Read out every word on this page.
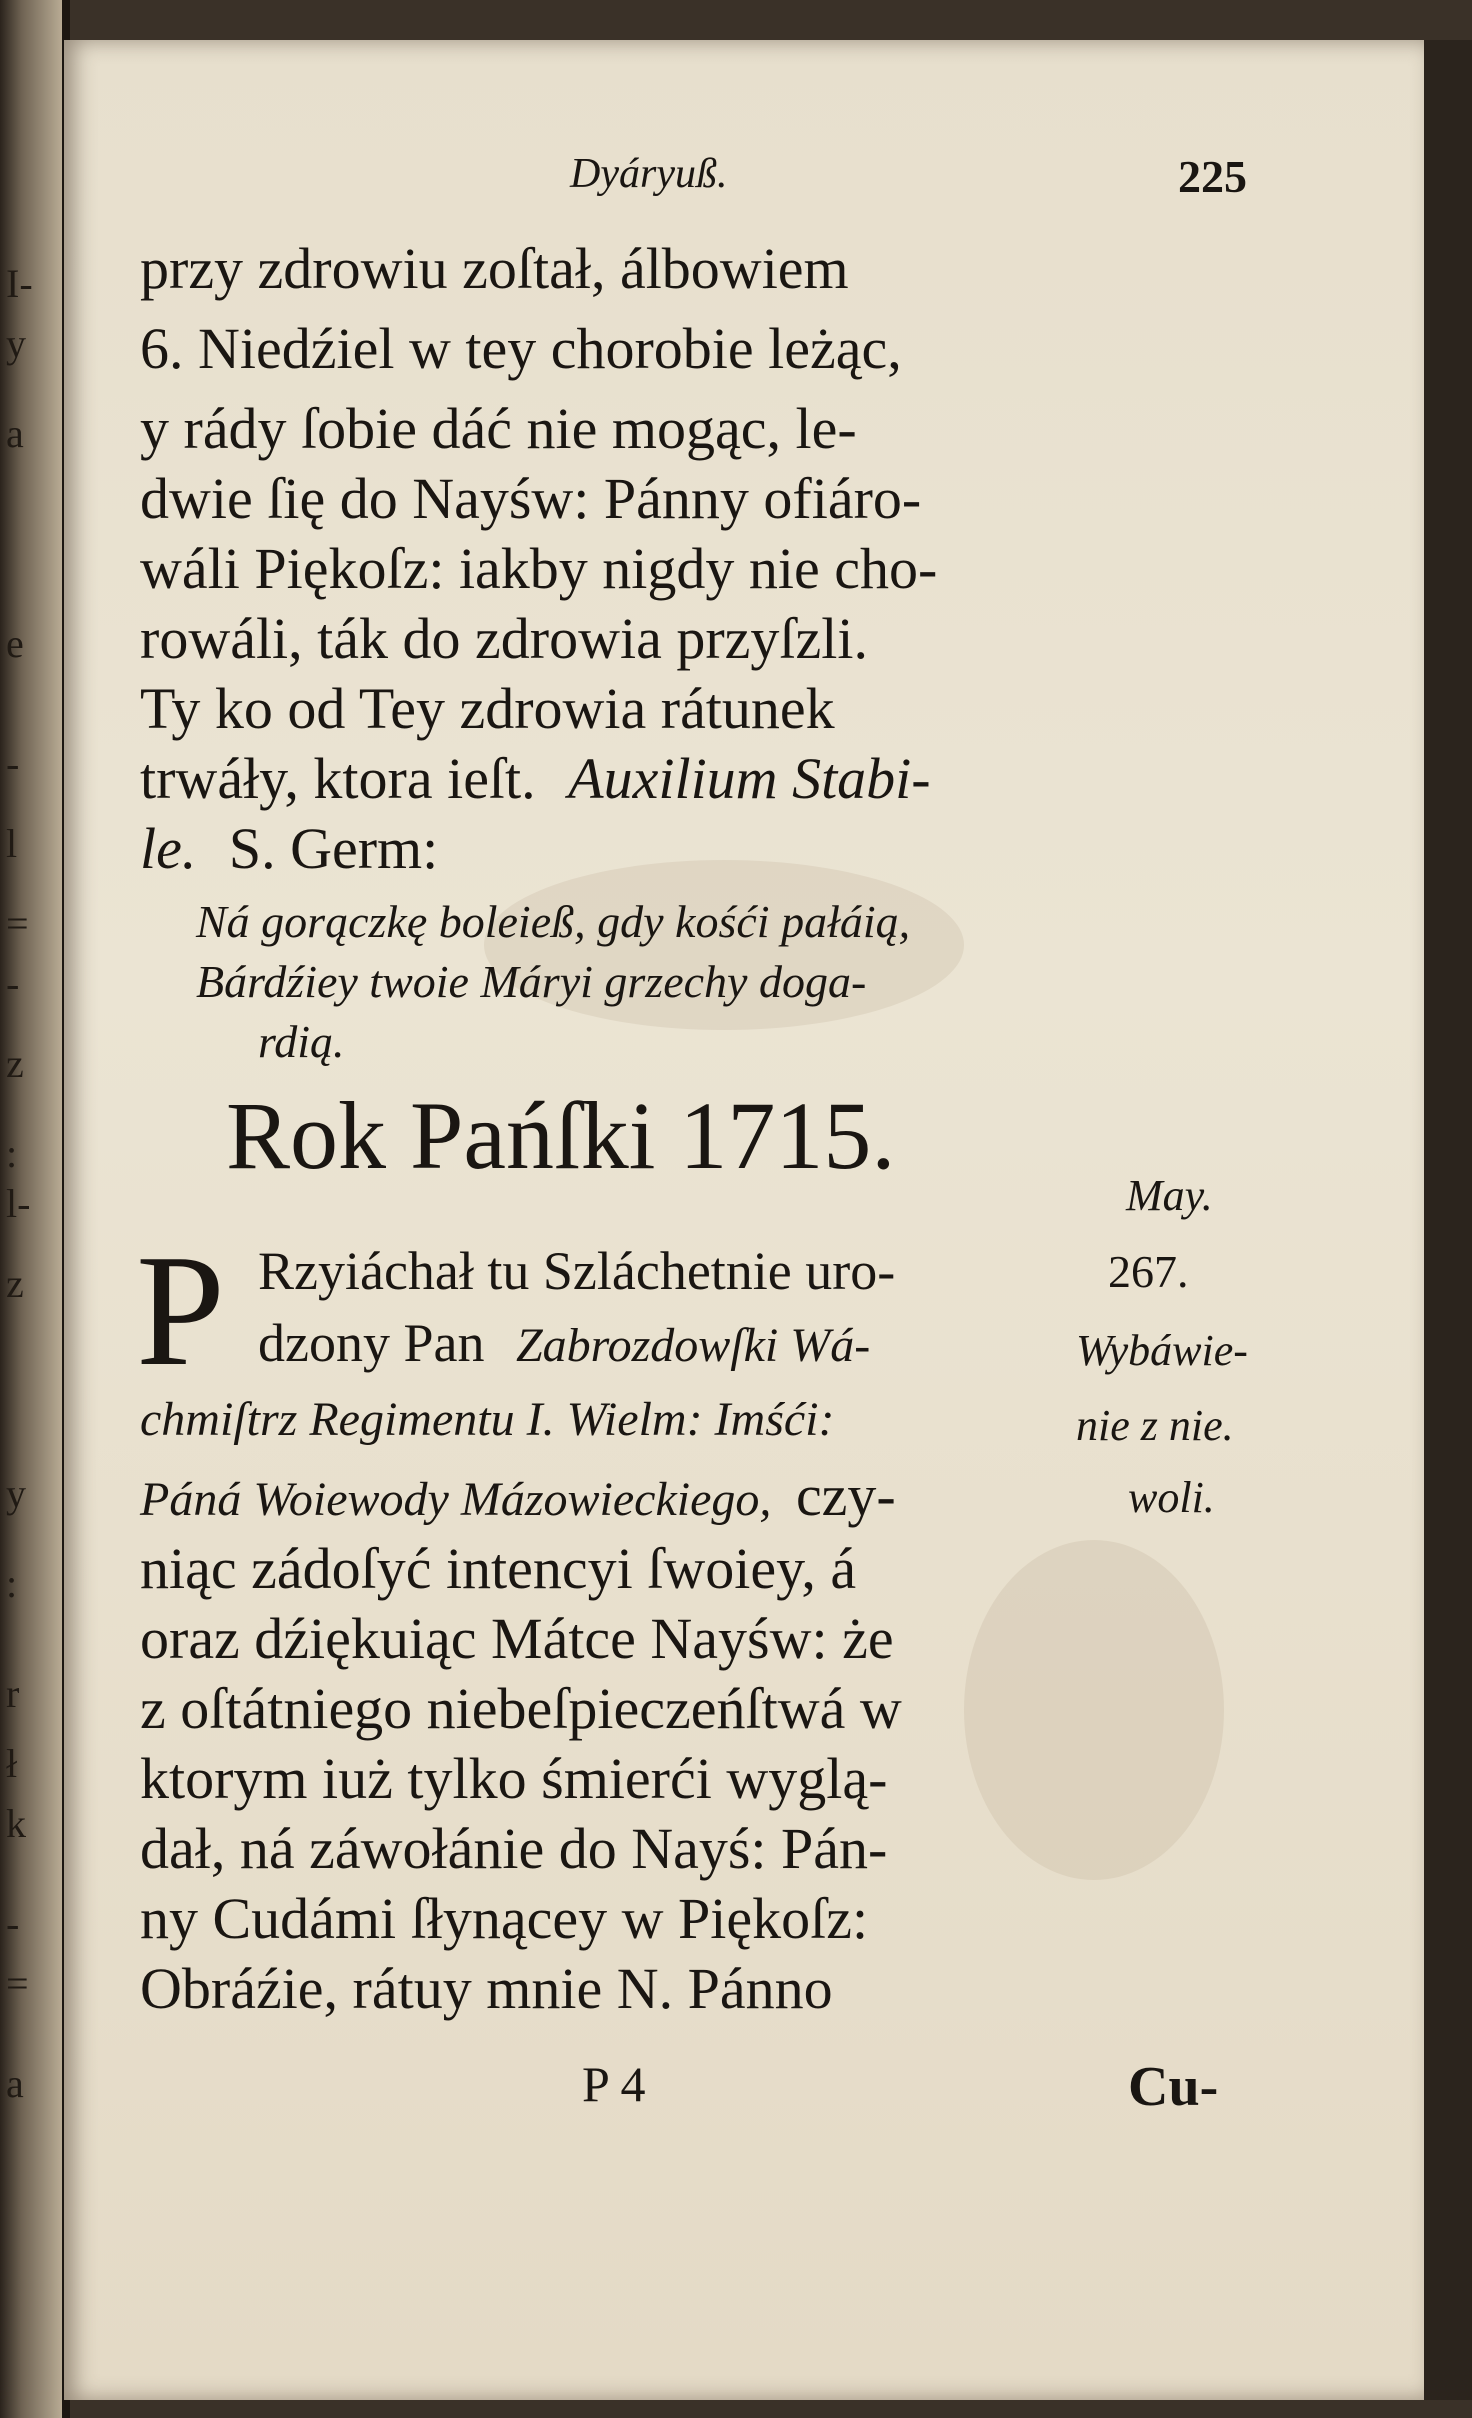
I-
y
a
e
-
l
=
-
z
:
l-
z
y
:
r
ł
k
-
=
a
Dyáryuß.	225
przy zdrowiu zoſtał, álbowiem
6. Niedźiel w tey chorobie leżąc,
y rády ſobie dáć nie mogąc, le-
dwie ſię do Nayśw: Pánny ofiáro-
wáli Piękoſz: iakby nigdy nie cho-
rowáli, ták do zdrowia przyſzli.
Ty ko od Tey zdrowia rátunek
trwáły, ktora ieſt. Auxilium Stabi-
le. S. Germ:
Ná gorączkę boleieß, gdy kośći pałáią,
Bárdźiey twoie Máryi grzechy doga-
rdią.
Rok Pańſki 1715.
P Rzyiáchał tu Szláchetnie uro-
dzony Pan Zabrozdowſki Wá-
chmiſtrz Regimentu I. Wielm: Imśći:
Páná Woiewody Mázowieckiego, czy-
niąc zádoſyć intencyi ſwoiey, á
oraz dźiękuiąc Mátce Nayśw: że
z oſtátniego niebeſpieczeńſtwá w
ktorym iuż tylko śmierći wyglą-
dał, ná záwołánie do Nayś: Pán-
ny Cudámi ſłynącey w Piękoſz:
Obráźie, rátuy mnie N. Pánno
May.
267.
Wybáwie-
nie z nie.
woli.
P 4	Cu-
